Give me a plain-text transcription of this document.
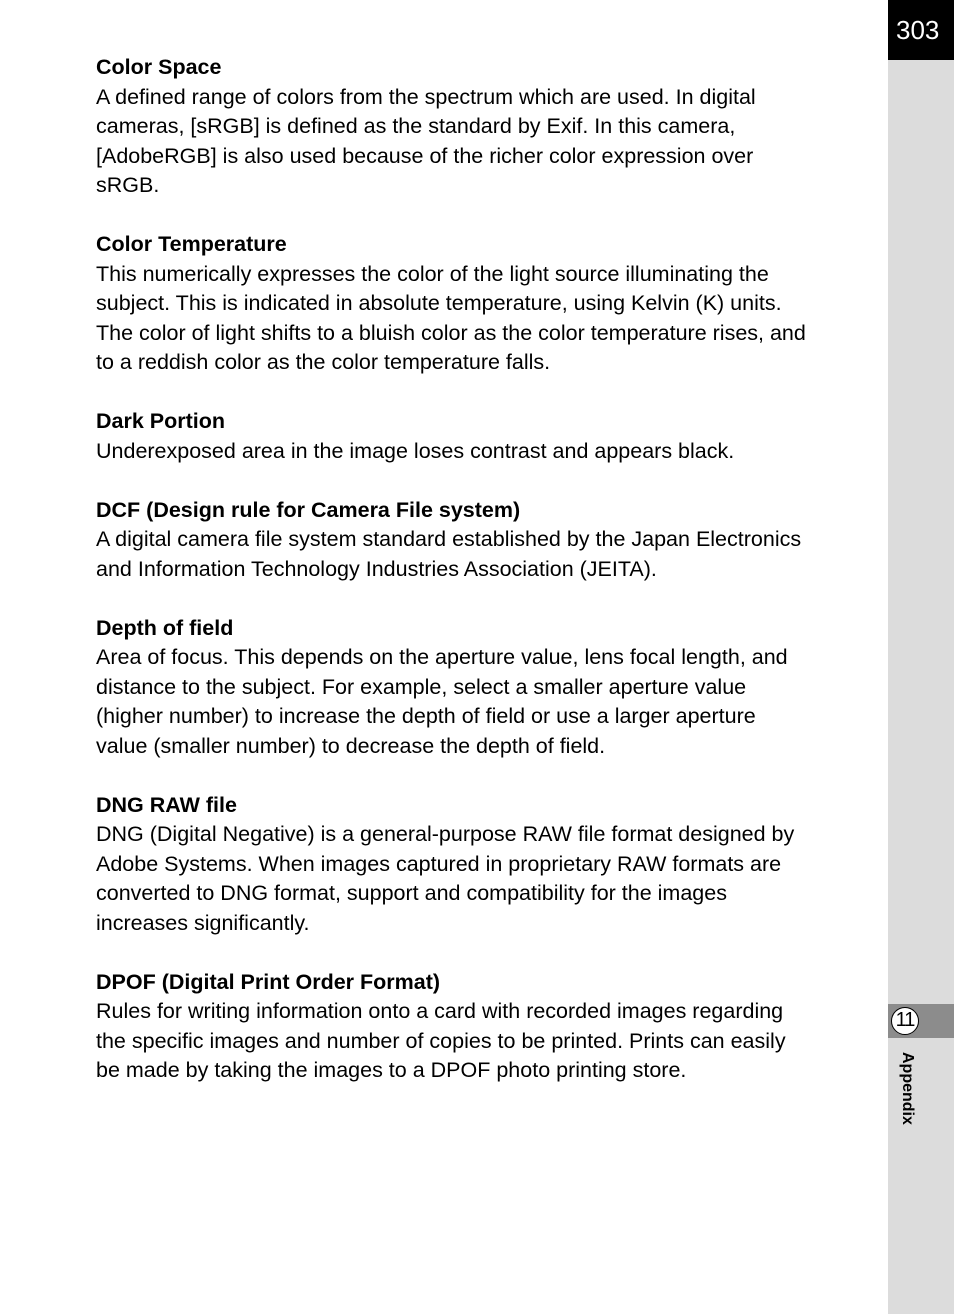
303
11
Appendix

Color Space

A defined range of colors from the spectrum which are used. In digital

cameras, [sRGB] is defined as the standard by Exif. In this camera,

[AdobeRGB] is also used because of the richer color expression over

sRGB.

Color Temperature

This numerically expresses the color of the light source illuminating the

subject. This is indicated in absolute temperature, using Kelvin (K) units.

The color of light shifts to a bluish color as the color temperature rises, and

to a reddish color as the color temperature falls.

Dark Portion

Underexposed area in the image loses contrast and appears black.

DCF (Design rule for Camera File system)

A digital camera file system standard established by the Japan Electronics

and Information Technology Industries Association (JEITA).

Depth of field

Area of focus. This depends on the aperture value, lens focal length, and

distance to the subject. For example, select a smaller aperture value

(higher number) to increase the depth of field or use a larger aperture

value (smaller number) to decrease the depth of field.

DNG RAW file

DNG (Digital Negative) is a general-purpose RAW file format designed by

Adobe Systems. When images captured in proprietary RAW formats are

converted to DNG format, support and compatibility for the images

increases significantly.

DPOF (Digital Print Order Format)

Rules for writing information onto a card with recorded images regarding

the specific images and number of copies to be printed. Prints can easily

be made by taking the images to a DPOF photo printing store.
